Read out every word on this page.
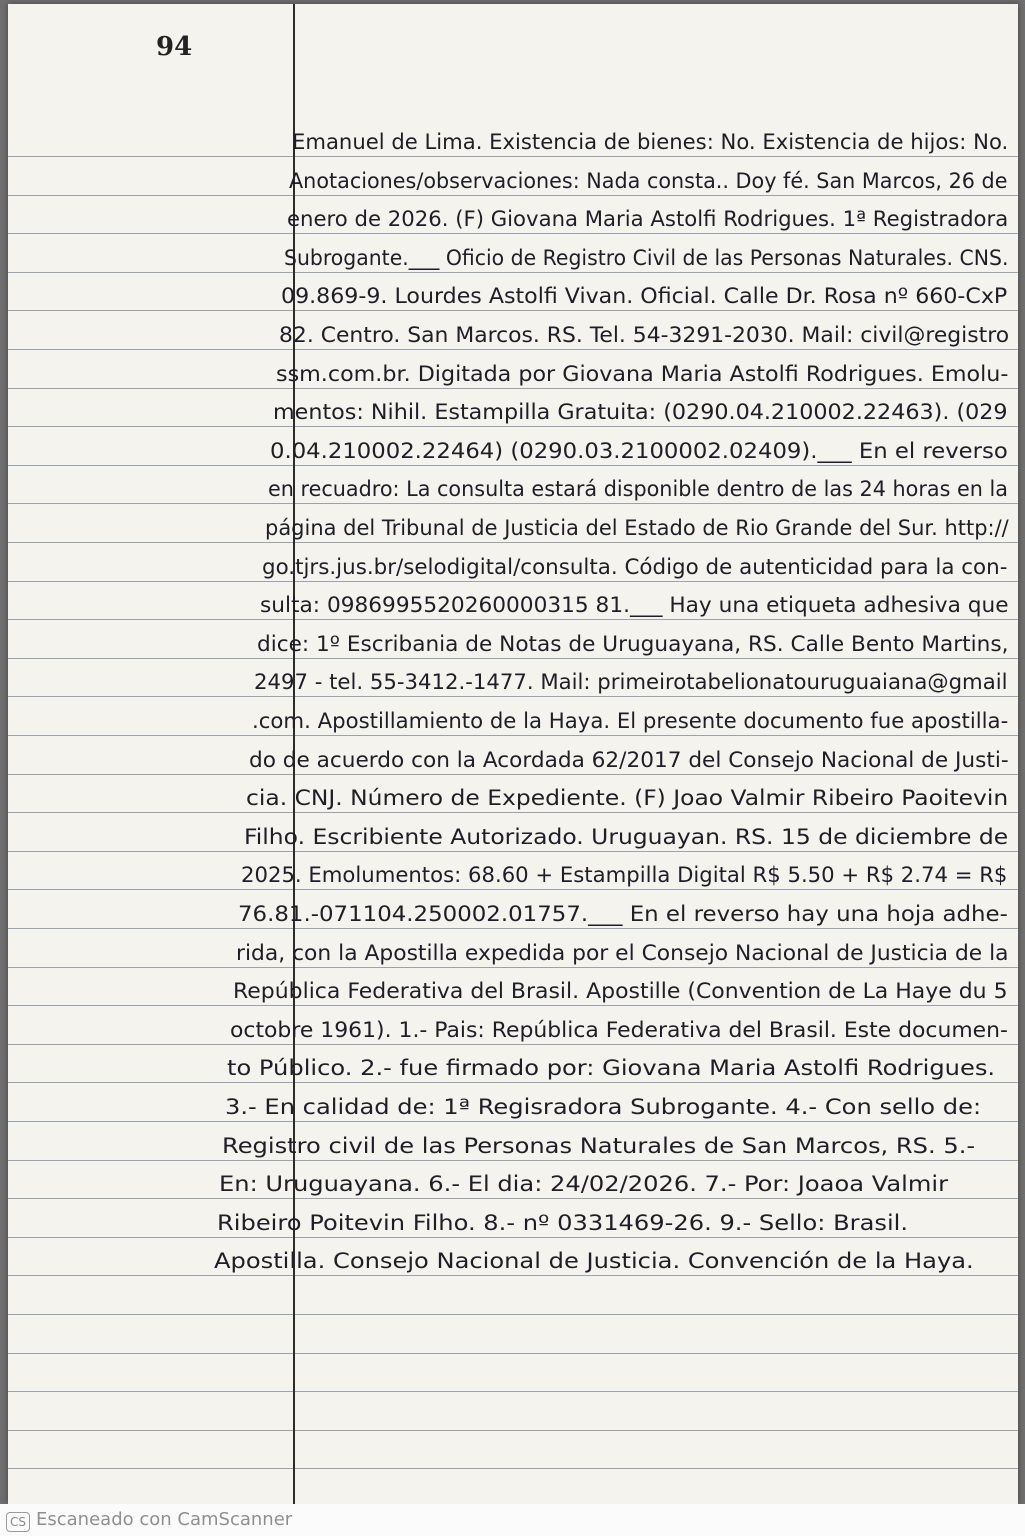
94
Emanuel de Lima. Existencia de bienes: No. Existencia de hijos: No.
Anotaciones/observaciones: Nada consta.. Doy fé. San Marcos, 26 de
enero de 2026. (F) Giovana Maria Astolfi Rodrigues. 1ª Registradora
Subrogante.___ Oficio de Registro Civil de las Personas Naturales. CNS.
09.869-9. Lourdes Astolfi Vivan. Oficial. Calle Dr. Rosa nº 660-CxP
82. Centro. San Marcos. RS. Tel. 54-3291-2030. Mail: civil@registro
ssm.com.br. Digitada por Giovana Maria Astolfi Rodrigues. Emolu-
mentos: Nihil. Estampilla Gratuita: (0290.04.210002.22463). (029
0.04.210002.22464) (0290.03.2100002.02409).___ En el reverso
en recuadro: La consulta estará disponible dentro de las 24 horas en la
página del Tribunal de Justicia del Estado de Rio Grande del Sur. http://
go.tjrs.jus.br/selodigital/consulta. Código de autenticidad para la con-
sulta: 0986995520260000315 81.___ Hay una etiqueta adhesiva que
dice: 1º Escribania de Notas de Uruguayana, RS. Calle Bento Martins,
2497 - tel. 55-3412.-1477. Mail: primeirotabelionatouruguaiana@gmail
.com. Apostillamiento de la Haya. El presente documento fue apostilla-
do de acuerdo con la Acordada 62/2017 del Consejo Nacional de Justi-
cia. CNJ. Número de Expediente. (F) Joao Valmir Ribeiro Paoitevin
Filho. Escribiente Autorizado. Uruguayan. RS. 15 de diciembre de
2025. Emolumentos: 68.60 + Estampilla Digital R$ 5.50 + R$ 2.74 = R$
76.81.-071104.250002.01757.___ En el reverso hay una hoja adhe-
rida, con la Apostilla expedida por el Consejo Nacional de Justicia de la
República Federativa del Brasil. Apostille (Convention de La Haye du 5
octobre 1961). 1.- Pais: República Federativa del Brasil. Este documen-
to Público. 2.- fue firmado por: Giovana Maria Astolfi Rodrigues.
3.- En calidad de: 1ª Regisradora Subrogante. 4.- Con sello de:
Registro civil de las Personas Naturales de San Marcos, RS. 5.-
En: Uruguayana. 6.- El dia: 24/02/2026. 7.- Por: Joaoa Valmir
Ribeiro Poitevin Filho. 8.- nº 0331469-26. 9.- Sello: Brasil.
Apostilla. Consejo Nacional de Justicia. Convención de la Haya.
CS Escaneado con CamScanner
